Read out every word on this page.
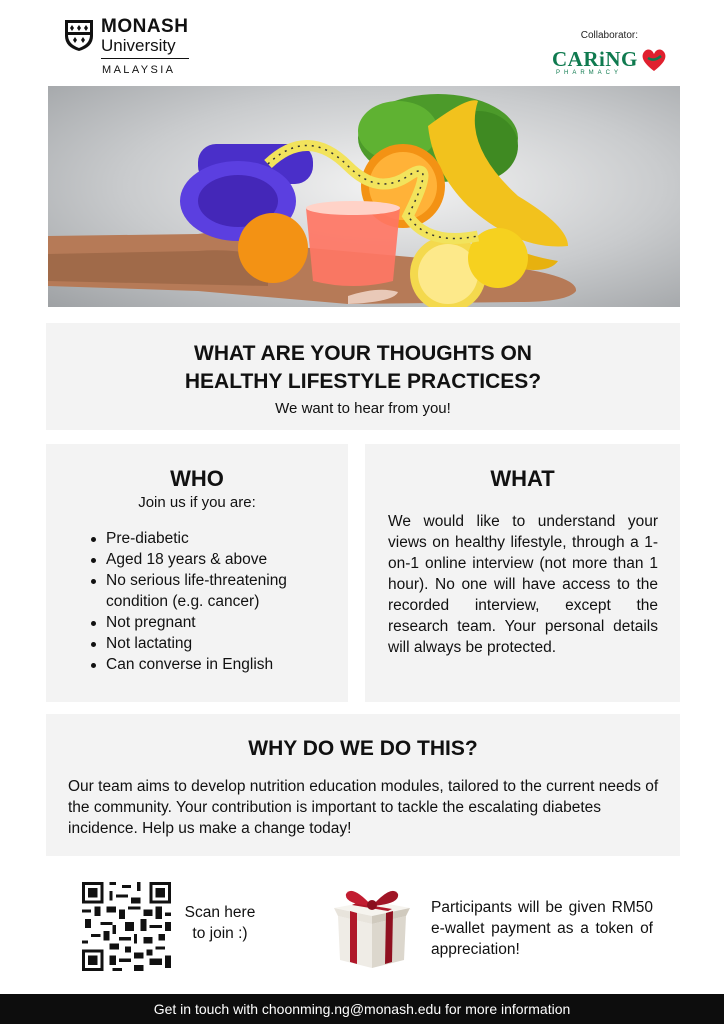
MONASH
University
MALAYSIA
Collaborator:
CARiNG
PHARMACY
WHAT ARE YOUR THOUGHTS ON
HEALTHY LIFESTYLE PRACTICES?
We want to hear from you!
WHO
Join us if you are:
Pre-diabetic
Aged 18 years & above
No serious life-threatening condition (e.g. cancer)
Not pregnant
Not lactating
Can converse in English
WHAT
We would like to understand your views on healthy lifestyle, through a 1-on-1 online interview (not more than 1 hour). No one will have access to the recorded interview, except the research team. Your personal details will always be protected.
WHY DO WE DO THIS?
Our team aims to develop nutrition education modules, tailored to the current needs of the community. Your contribution is important to tackle the escalating diabetes incidence. Help us make a change today!
Scan here
to join :)
Participants will be given RM50 e-wallet payment as a token of appreciation!
Get in touch with choonming.ng@monash.edu for more information
